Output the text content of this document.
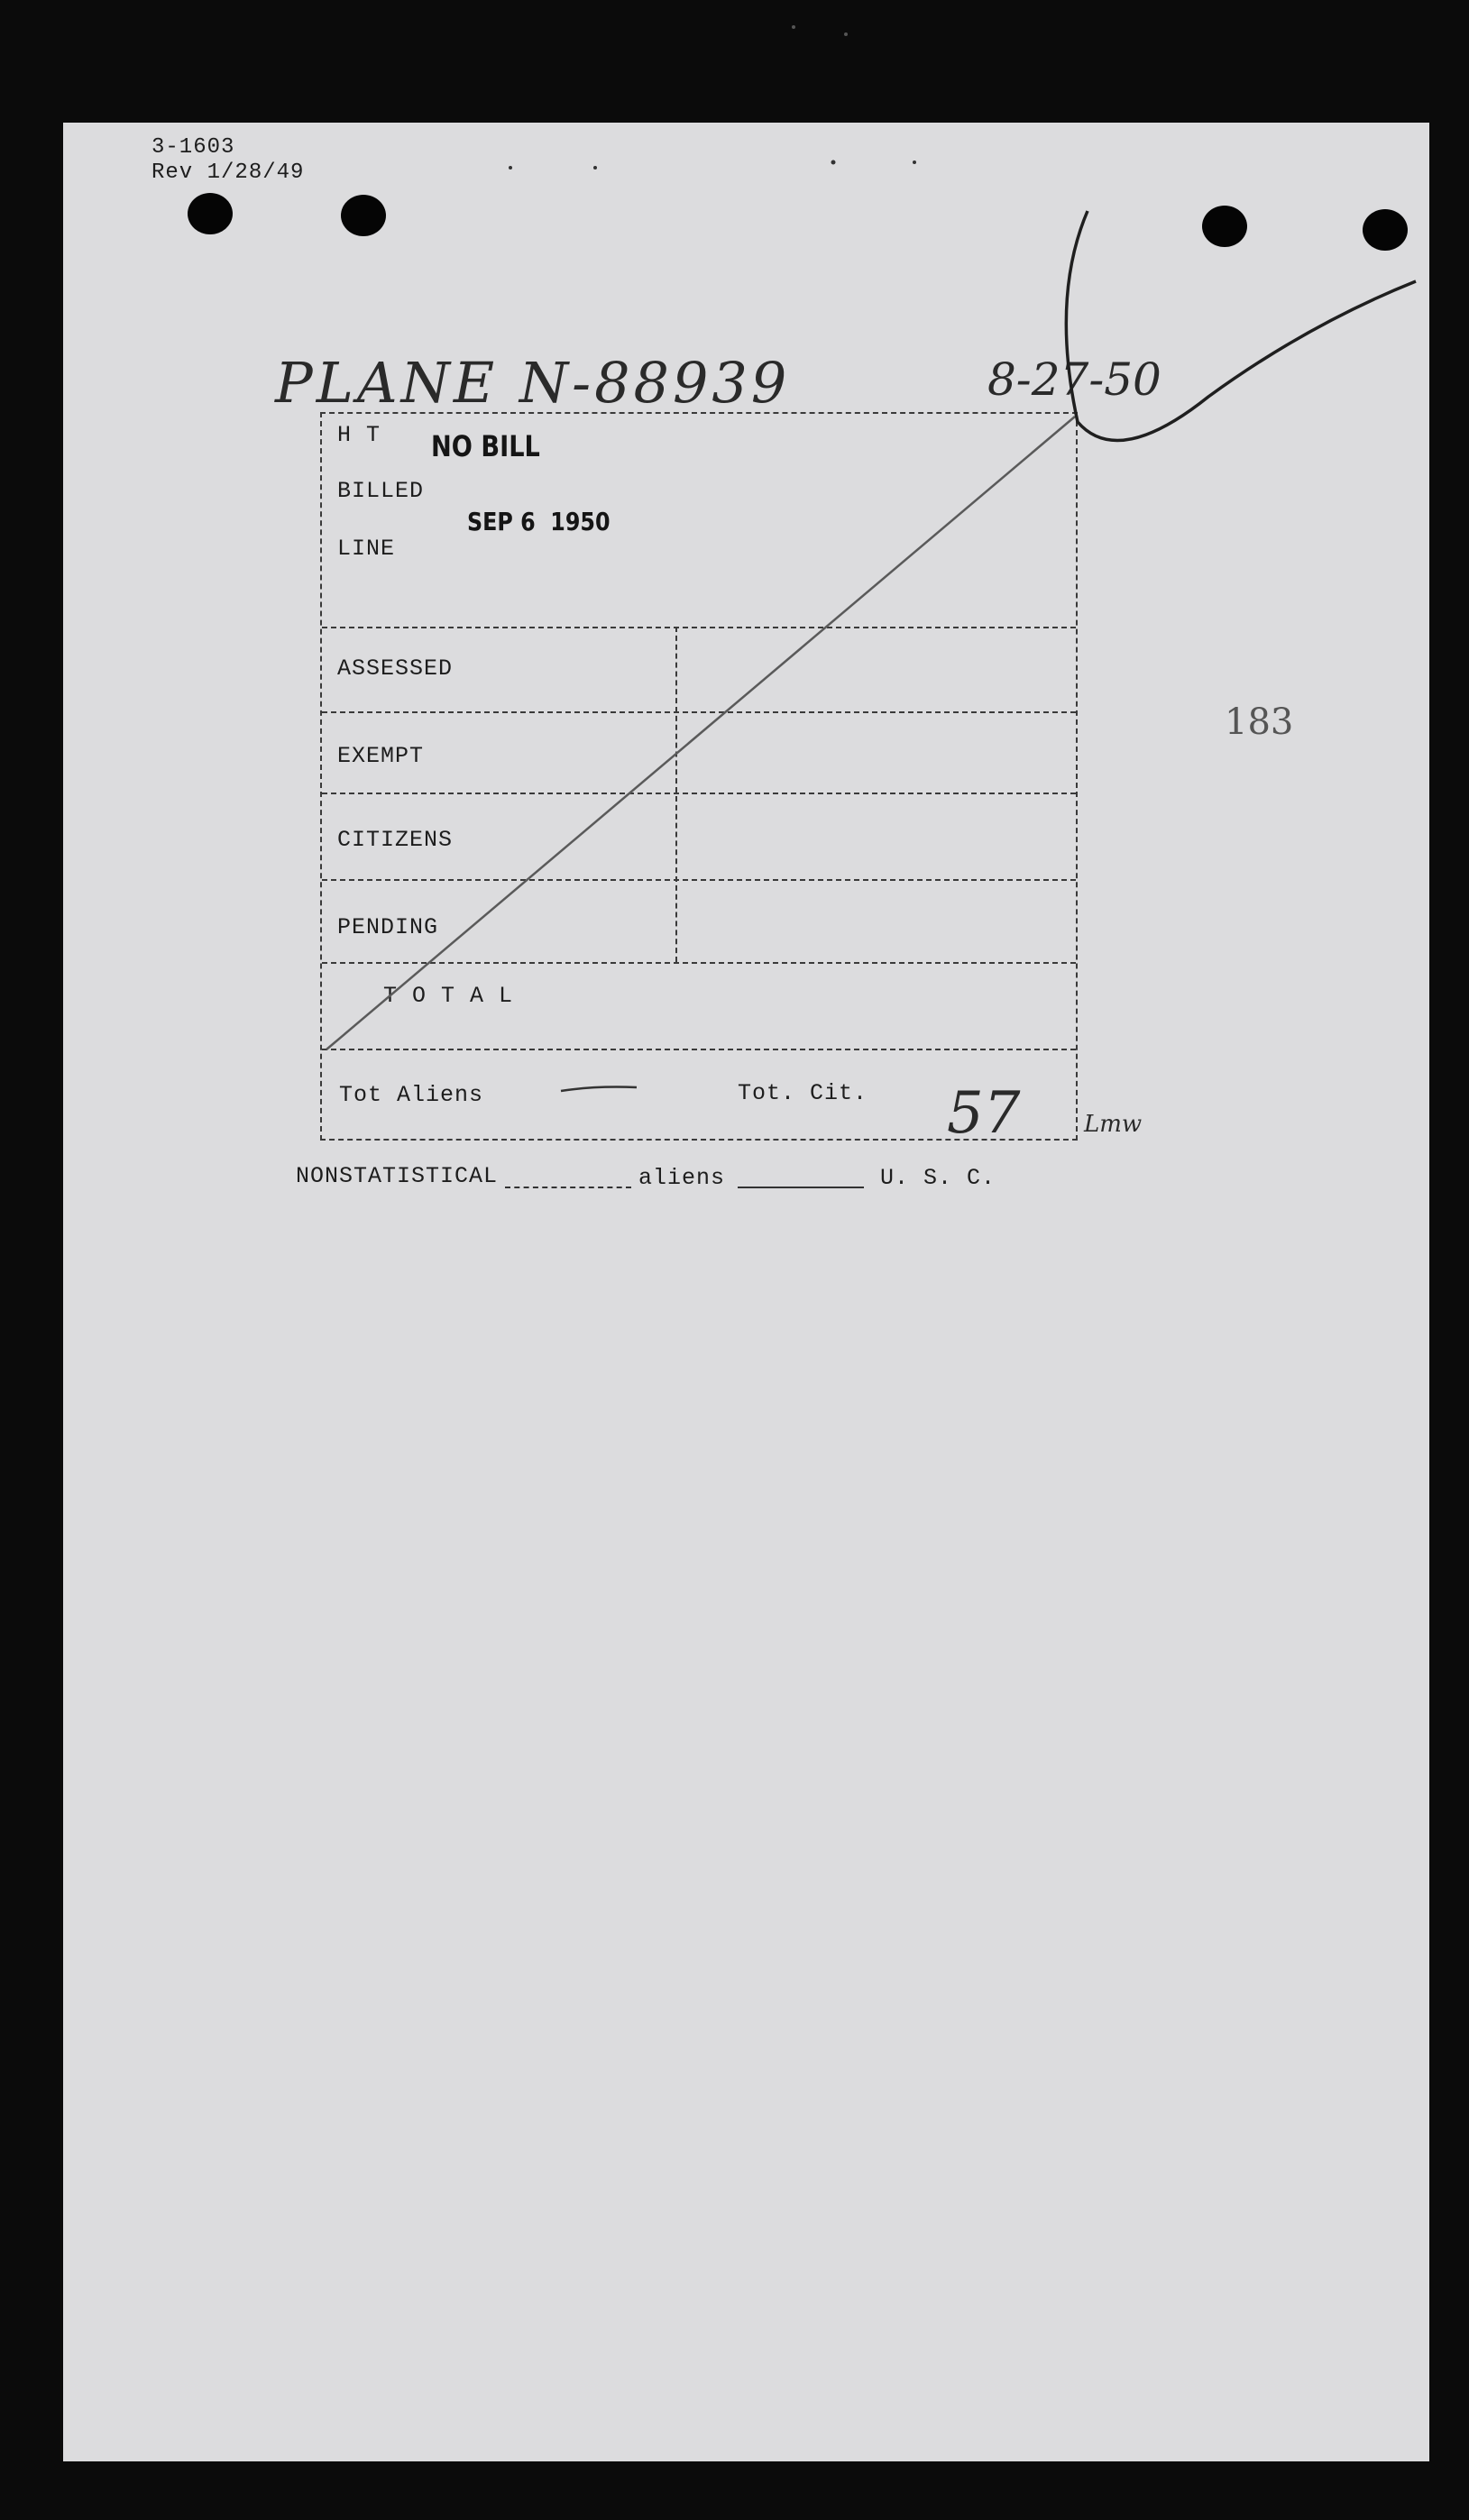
3-1603
Rev 1/28/49
PLANE N-88939	8-27-50
H T
BILLED
LINE
ASSESSED
EXEMPT
CITIZENS
PENDING
T O T A L
Tot Aliens	Tot. Cit.
NO BILL
SEP 6  1950
57	Lmw
183
NONSTATISTICAL	aliens	U. S. C.
